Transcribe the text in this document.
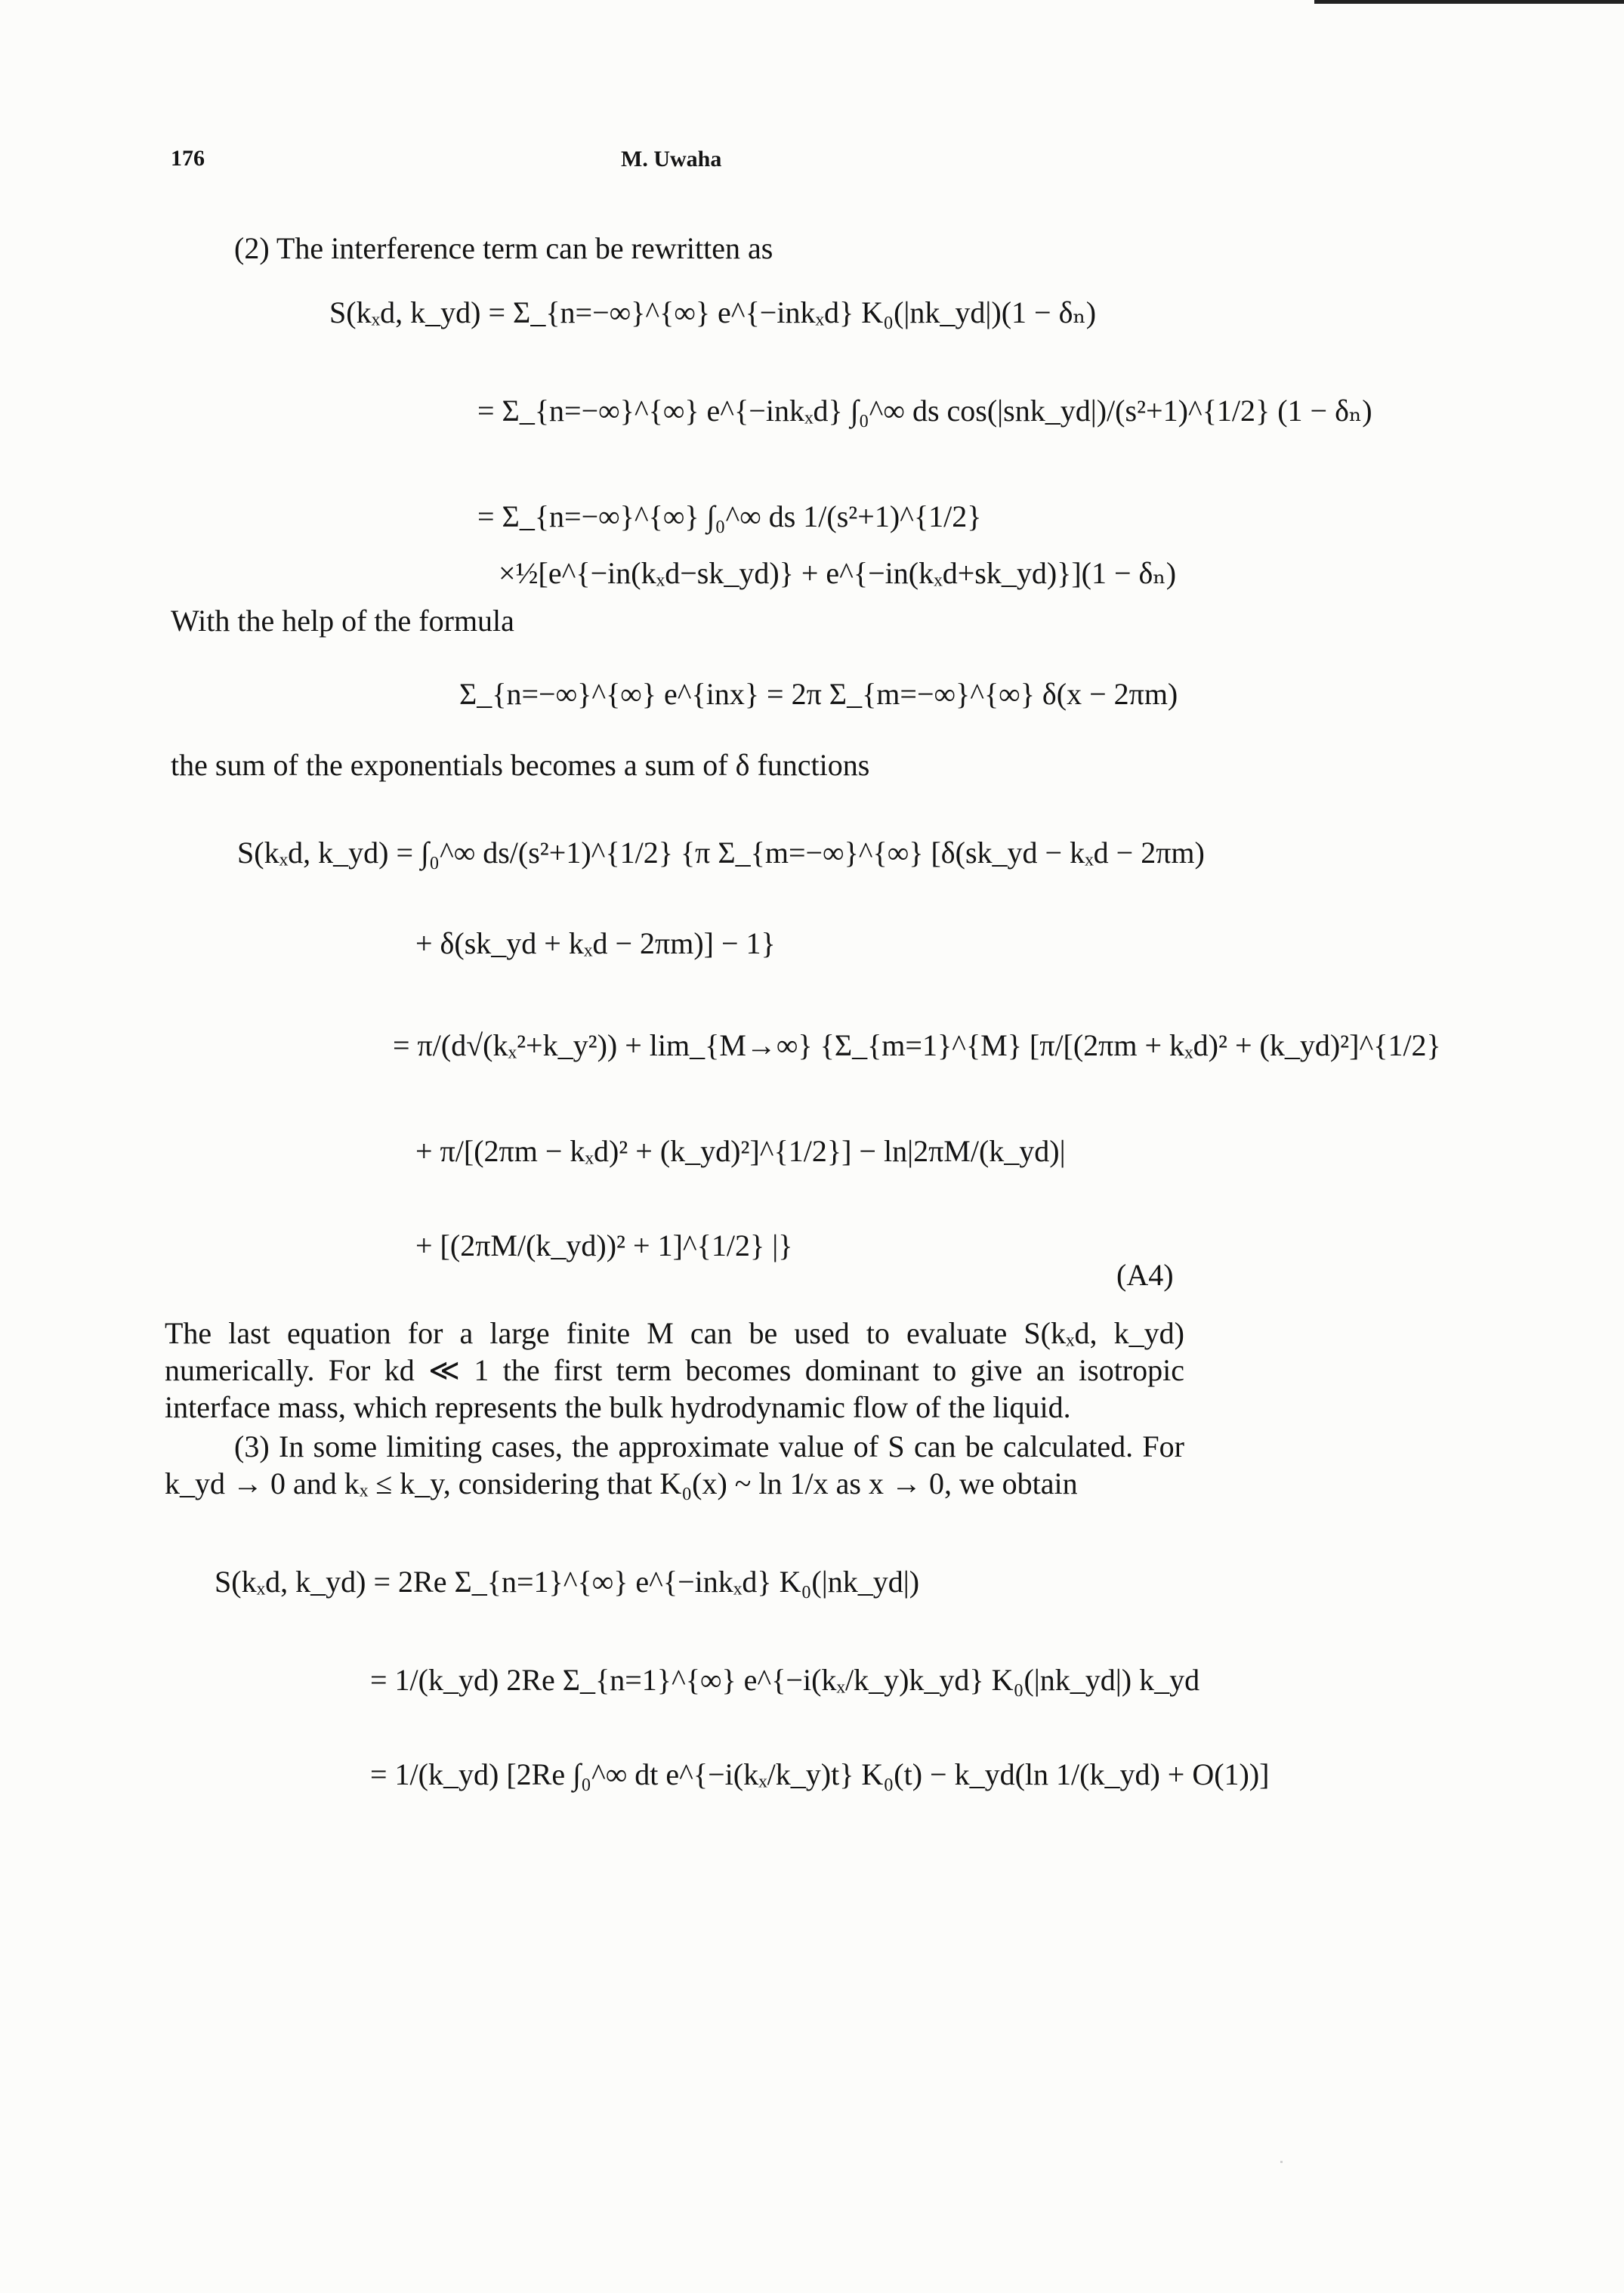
176	M. Uwaha
(2) The interference term can be rewritten as
S(kₓd, k_yd) = Σ_{n=−∞}^{∞} e^{−inkₓd} K₀(|nk_yd|)(1 − δₙ)
= Σ_{n=−∞}^{∞} e^{−inkₓd} ∫₀^∞ ds cos(|snk_yd|)/(s²+1)^{1/2} (1 − δₙ)
= Σ_{n=−∞}^{∞} ∫₀^∞ ds 1/(s²+1)^{1/2}
×½[e^{−in(kₓd−sk_yd)} + e^{−in(kₓd+sk_yd)}](1 − δₙ)
With the help of the formula
Σ_{n=−∞}^{∞} e^{inx} = 2π Σ_{m=−∞}^{∞} δ(x − 2πm)
the sum of the exponentials becomes a sum of δ functions
S(kₓd, k_yd) = ∫₀^∞ ds/(s²+1)^{1/2} {π Σ_{m=−∞}^{∞} [δ(sk_yd − kₓd − 2πm)
+ δ(sk_yd + kₓd − 2πm)] − 1}
= π/(d√(kₓ²+k_y²)) + lim_{M→∞} {Σ_{m=1}^{M} [π/[(2πm + kₓd)² + (k_yd)²]^{1/2}
+ π/[(2πm − kₓd)² + (k_yd)²]^{1/2}] − ln|2πM/(k_yd)|
+ [(2πM/(k_yd))² + 1]^{1/2} |}
(A4)
The last equation for a large finite M can be used to evaluate S(kₓd, k_yd) numerically. For kd ≪ 1 the first term becomes dominant to give an isotropic interface mass, which represents the bulk hydrodynamic flow of the liquid.
(3) In some limiting cases, the approximate value of S can be calculated. For k_yd → 0 and kₓ ≤ k_y, considering that K₀(x) ~ ln 1/x as x → 0, we obtain
S(kₓd, k_yd) = 2Re Σ_{n=1}^{∞} e^{−inkₓd} K₀(|nk_yd|)
= 1/(k_yd) 2Re Σ_{n=1}^{∞} e^{−i(kₓ/k_y)k_yd} K₀(|nk_yd|) k_yd
= 1/(k_yd) [2Re ∫₀^∞ dt e^{−i(kₓ/k_y)t} K₀(t) − k_yd(ln 1/(k_yd) + O(1))]
